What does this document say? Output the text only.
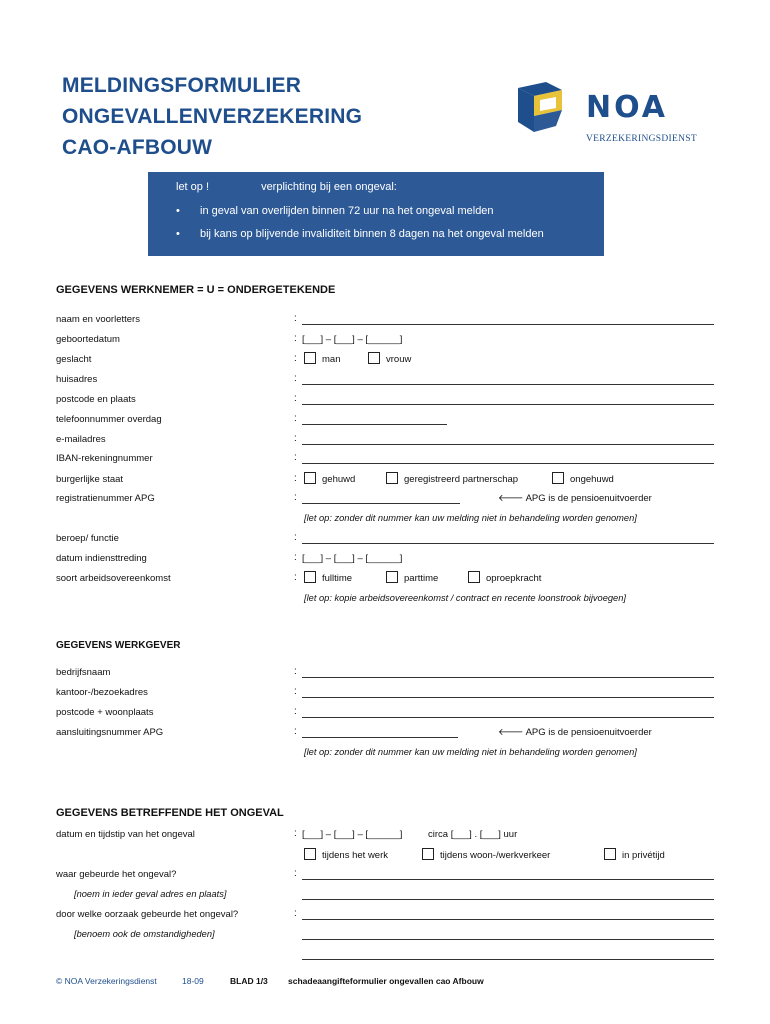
MELDINGSFORMULIER
ONGEVALLENVERZEKERING
CAO-AFBOUW
NOA
VERZEKERINGSDIENST
let op !	verplichting bij een ongeval:
• in geval van overlijden binnen 72 uur na het ongeval melden
• bij kans op blijvende invaliditeit binnen 8 dagen na het ongeval melden
GEGEVENS WERKNEMER = U = ONDERGETEKENDE
naam en voorletters	:
geboortedatum	: [___] – [___] – [______]
geslacht	:	man	vrouw
huisadres	:
postcode en plaats	:
telefoonnummer overdag	:
e-mailadres	:
IBAN-rekeningnummer	:
burgerlijke staat	:	gehuwd	geregistreerd partnerschap	ongehuwd
registratienummer APG	:	🡐 APG is de pensioenuitvoerder
[let op: zonder dit nummer kan uw melding niet in behandeling worden genomen]
beroep/ functie	:
datum indiensttreding	: [___] – [___] – [______]
soort arbeidsovereenkomst	:	fulltime	parttime	oproepkracht
[let op: kopie arbeidsovereenkomst / contract en recente loonstrook bijvoegen]
GEGEVENS WERKGEVER
bedrijfsnaam	:
kantoor-/bezoekadres	:
postcode + woonplaats	:
aansluitingsnummer APG	:	🡐 APG is de pensioenuitvoerder
[let op: zonder dit nummer kan uw melding niet in behandeling worden genomen]
GEGEVENS BETREFFENDE HET ONGEVAL
datum en tijdstip van het ongeval	: [___] – [___] – [______]	circa [___] . [___] uur
tijdens het werk	tijdens woon-/werkverkeer	in privétijd
waar gebeurde het ongeval?	:
[noem in ieder geval adres en plaats]
door welke oorzaak gebeurde het ongeval?	:
[benoem ook de omstandigheden]
© NOA Verzekeringsdienst	18-09	BLAD 1/3 schadeaangifteformulier ongevallen cao Afbouw
